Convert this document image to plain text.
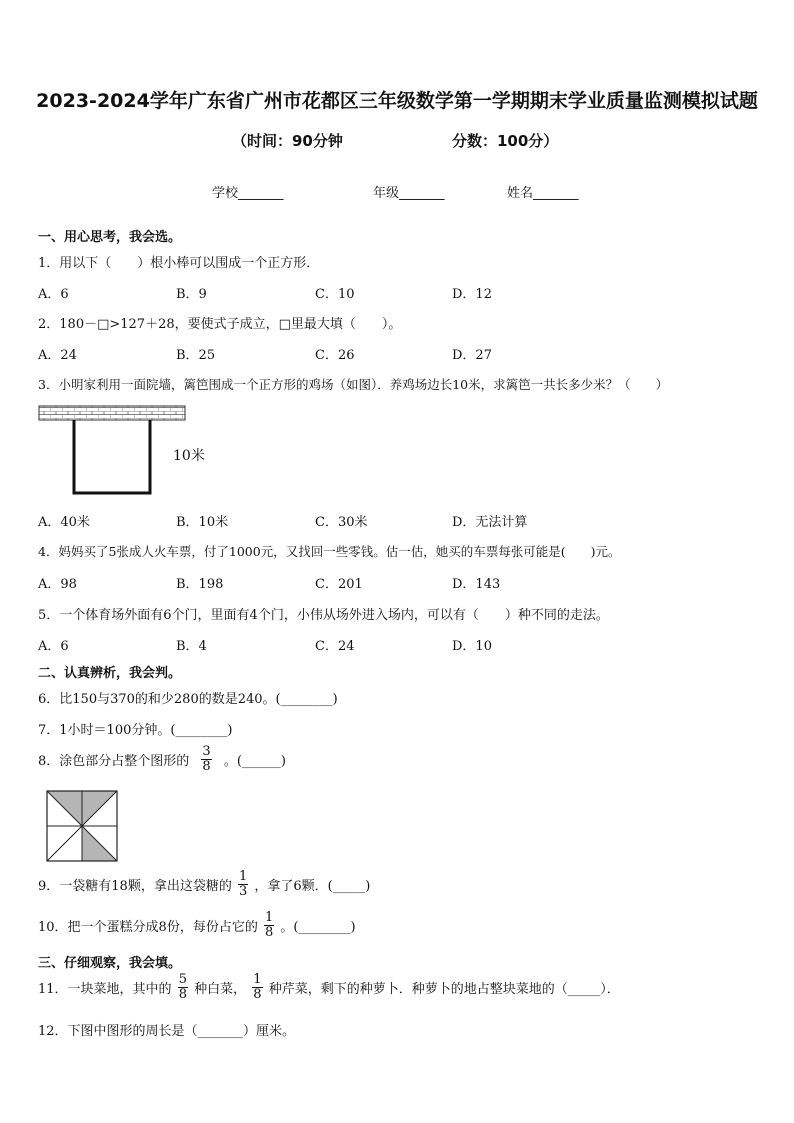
2023-2024学年广东省广州市花都区三年级数学第一学期期末学业质量监测模拟试题
（时间：90分钟	分数：100分）
学校_______	年级_______	姓名_______
一、用心思考，我会选。
1．用以下（　　）根小棒可以围成一个正方形．
A．6	B．9	C．10	D．12
2．180－□>127＋28，要使式子成立，□里最大填（　　）。
A．24	B．25	C．26	D．27
3．小明家利用一面院墙，篱笆围成一个正方形的鸡场（如图）．养鸡场边长10米，求篱笆一共长多少米？（　　）
10米
A．40米	B．10米	C．30米	D．无法计算
4．妈妈买了5张成人火车票，付了1000元，又找回一些零钱。估一估，她买的车票每张可能是(　　)元。
A．98	B．198	C．201	D．143
5．一个体育场外面有6个门，里面有4个门，小伟从场外进入场内，可以有（　　）种不同的走法。
A．6	B．4	C．24	D．10
二、认真辨析，我会判。
6．比150与370的和少280的数是240。(________)
7．1小时＝100分钟。(________)
8．涂色部分占整个图形的 $\frac{3}{8}$ 。(______)
9．一袋糖有18颗，拿出这袋糖的 $\frac{1}{3}$ ，拿了6颗．(_____)
10．把一个蛋糕分成8份，每份占它的 $\frac{1}{8}$ 。(________)
三、仔细观察，我会填。
11．一块菜地，其中的 $\frac{5}{8}$ 种白菜， $\frac{1}{8}$ 种芹菜，剩下的种萝卜．种萝卜的地占整块菜地的（_____）．
12．下图中图形的周长是（_______）厘米。
